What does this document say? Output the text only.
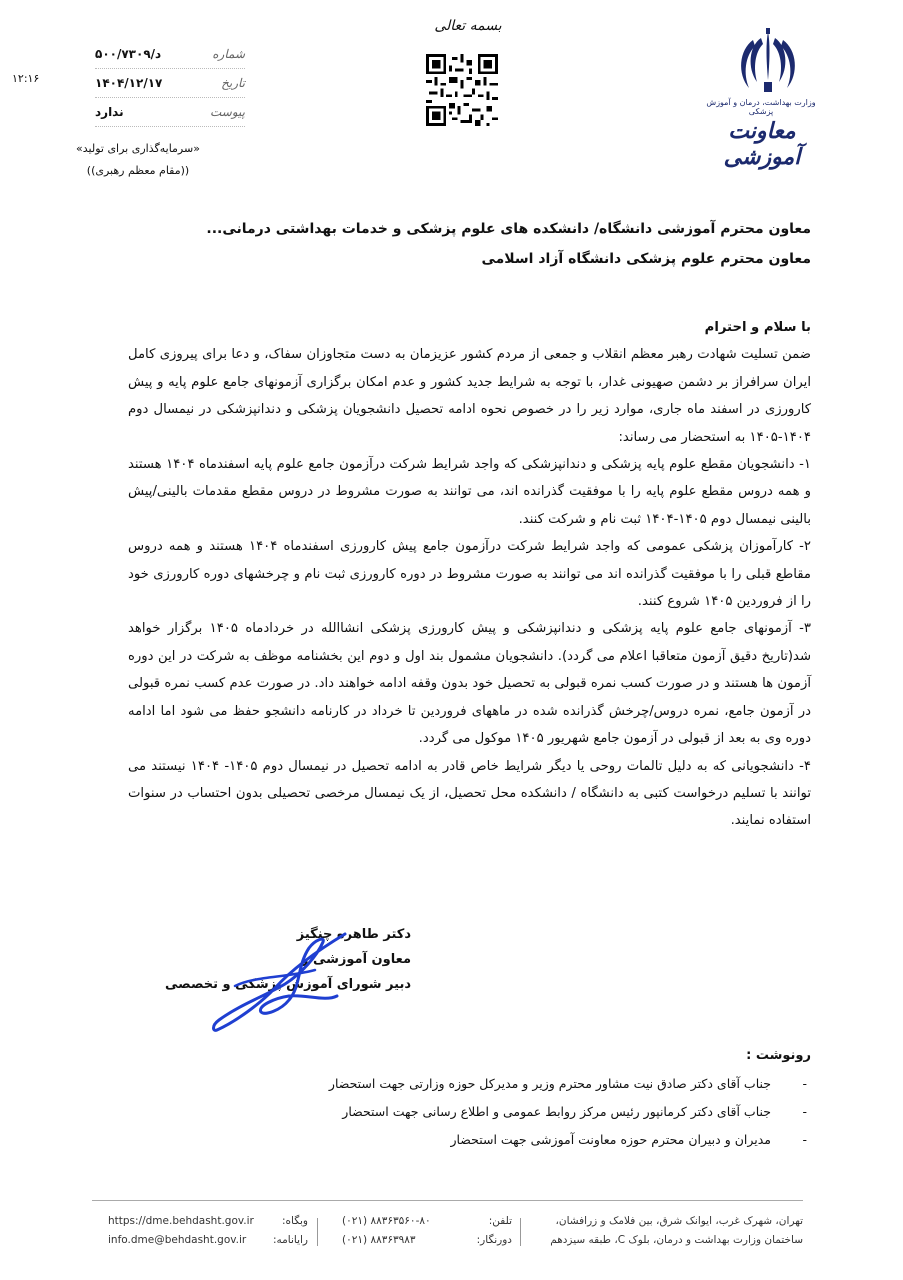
وزارت بهداشت، درمان و آموزش پزشکی
معاونت آموزشی
بسمه تعالی
شماره
د/۵۰۰/۷۳۰۹
تاریخ
۱۴۰۴/۱۲/۱۷
پیوست
ندارد
۱۲:۱۶
«سرمایه‌گذاری برای تولید»
((مقام معظم رهبری))
معاون محترم آموزشی دانشگاه/ دانشکده های علوم پزشکی و خدمات بهداشتی درمانی...
معاون محترم علوم پزشکی دانشگاه آزاد اسلامی

با سلام و احترام

ضمن تسلیت شهادت رهبر معظم انقلاب و جمعی از مردم کشور عزیزمان به دست متجاوزان سفاک، و دعا برای پیروزی کامل ایران سرافراز بر دشمن صهیونی غدار، با توجه به شرایط جدید کشور و عدم امکان برگزاری آزمونهای جامع علوم پایه و پیش کارورزی در اسفند ماه جاری، موارد زیر را در خصوص نحوه ادامه تحصیل دانشجویان پزشکی و دندانپزشکی در نیمسال دوم ۱۴۰۴-۱۴۰۵ به استحضار می رساند:

۱- دانشجویان مقطع علوم پایه پزشکی و دندانپزشکی که واجد شرایط شرکت درآزمون جامع علوم پایه اسفندماه ۱۴۰۴ هستند و همه دروس مقطع علوم پایه را با موفقیت گذرانده اند، می توانند به صورت مشروط در دروس مقطع مقدمات بالینی/پیش بالینی نیمسال دوم ۱۴۰۵-۱۴۰۴ ثبت نام و شرکت کنند.

۲- کارآموزان پزشکی عمومی که واجد شرایط شرکت درآزمون جامع پیش کارورزی اسفندماه ۱۴۰۴ هستند و همه دروس مقاطع قبلی را با موفقیت گذرانده اند می توانند به صورت مشروط در دوره کارورزی ثبت نام و چرخشهای دوره کارورزی خود را از فروردین ۱۴۰۵ شروع کنند.

۳- آزمونهای جامع علوم پایه پزشکی و دندانپزشکی و پیش کارورزی پزشکی انشاالله در خردادماه ۱۴۰۵ برگزار خواهد شد(تاریخ دقیق آزمون متعاقبا اعلام می گردد). دانشجویان مشمول بند اول و دوم این بخشنامه موظف به شرکت در این دوره آزمون ها هستند و در صورت کسب نمره قبولی به تحصیل خود بدون وقفه ادامه خواهند داد. در صورت عدم کسب نمره قبولی در آزمون جامع، نمره دروس/چرخش گذرانده شده در ماههای فروردین تا خرداد در کارنامه دانشجو حفظ می شود اما ادامه دوره وی به بعد از قبولی در آزمون جامع شهریور ۱۴۰۵ موکول می گردد.

۴- دانشجویانی که به دلیل تالمات روحی یا دیگر شرایط خاص قادر به ادامه تحصیل در نیمسال دوم ۱۴۰۵- ۱۴۰۴ نیستند می توانند با تسلیم درخواست کتبی به دانشگاه / دانشکده محل تحصیل، از یک نیمسال مرخصی تحصیلی بدون احتساب در سنوات استفاده نمایند.

دکتر طاهره چنگیز
معاون آموزشی و
دبیر شورای آموزش پزشکی و تخصصی
رونوشت :
-
جناب آقای دکتر صادق نیت مشاور محترم وزیر و مدیرکل حوزه وزارتی جهت استحضار
-
جناب آقای دکتر کرمانپور رئیس مرکز روابط عمومی و اطلاع رسانی جهت استحضار
-
مدیران و دبیران محترم حوزه معاونت آموزشی جهت استحضار
تهران، شهرک غرب، ایوانک شرق، بین فلامک و زرافشان،
ساختمان وزارت بهداشت و درمان، بلوک C، طبقه سیزدهم
(۰۲۱) ۸۸۳۶۳۵۶۰-۸۰	تلفن:
(۰۲۱) ۸۸۳۶۳۹۸۳	دورنگار:
https://dme.behdasht.gov.ir	وبگاه:
info.dme@behdasht.gov.ir	رایانامه:
